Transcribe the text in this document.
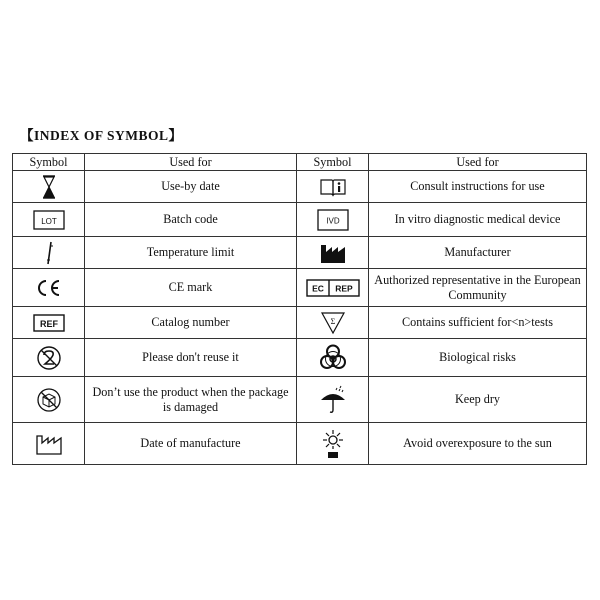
【INDEX OF SYMBOL】
Symbol	Used for	Symbol	Used for

	Use-by date		Consult instructions for use

LOT	Batch code	IVD	In vitro diagnostic medical device

	Temperature limit		Manufacturer

	CE mark	EC REP	Authorized representative in the European Community

REF	Catalog number	Σ	Contains sufficient for<n>tests

	Please don't reuse it		Biological risks

	Don’t use the product when the package is damaged		Keep dry

	Date of manufacture		Avoid overexposure to the sun
